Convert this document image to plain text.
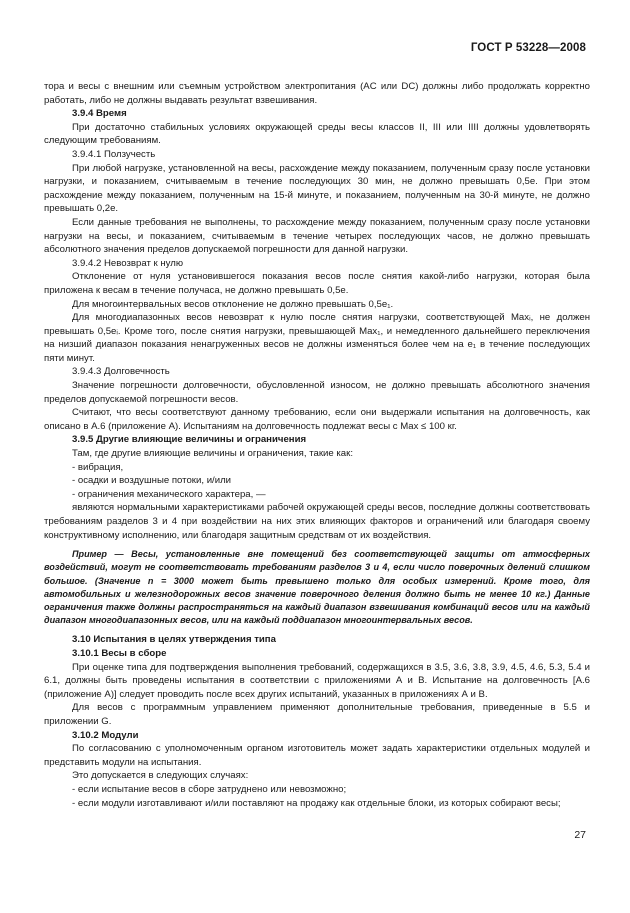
ГОСТ Р 53228—2008

тора и весы с внешним или съемным устройством электропитания (AC или DC) должны либо продолжать корректно работать, либо не должны выдавать результат взвешивания.

3.9.4 Время

При достаточно стабильных условиях окружающей среды весы классов II, III или IIII должны удовлетворять следующим требованиям.

3.9.4.1 Ползучесть

При любой нагрузке, установленной на весы, расхождение между показанием, полученным сразу после установки нагрузки, и показанием, считываемым в течение последующих 30 мин, не должно превышать 0,5e. При этом расхождение между показанием, полученным на 15-й минуте, и показанием, полученным на 30-й минуте, не должно превышать 0,2e.

Если данные требования не выполнены, то расхождение между показанием, полученным сразу после установки нагрузки на весы, и показанием, считываемым в течение четырех последующих часов, не должно превышать абсолютного значения пределов допускаемой погрешности для данной нагрузки.

3.9.4.2 Невозврат к нулю

Отклонение от нуля установившегося показания весов после снятия какой-либо нагрузки, которая была приложена к весам в течение получаса, не должно превышать 0,5e.

Для многоинтервальных весов отклонение не должно превышать 0,5e₁.

Для многодиапазонных весов невозврат к нулю после снятия нагрузки, соответствующей Maxᵢ, не должен превышать 0,5eᵢ. Кроме того, после снятия нагрузки, превышающей Max₁, и немедленного дальнейшего переключения на низший диапазон показания ненагруженных весов не должны изменяться более чем на e₁ в течение последующих пяти минут.

3.9.4.3 Долговечность

Значение погрешности долговечности, обусловленной износом, не должно превышать абсолютного значения пределов допускаемой погрешности весов.

Считают, что весы соответствуют данному требованию, если они выдержали испытания на долговечность, как описано в А.6 (приложение А). Испытаниям на долговечность подлежат весы с Max ≤ 100 кг.

3.9.5 Другие влияющие величины и ограничения

Там, где другие влияющие величины и ограничения, такие как:

- вибрация,

- осадки и воздушные потоки, и/или

- ограничения механического характера, —

являются нормальными характеристиками рабочей окружающей среды весов, последние должны соответствовать требованиям разделов 3 и 4 при воздействии на них этих влияющих факторов и ограничений или благодаря своему конструктивному исполнению, или благодаря защитным средствам от их воздействия.

Пример — Весы, установленные вне помещений без соответствующей защиты от атмосферных воздействий, могут не соответствовать требованиям разделов 3 и 4, если число поверочных делений слишком большое. (Значение n = 3000 может быть превышено только для особых измерений. Кроме того, для автомобильных и железнодорожных весов значение поверочного деления должно быть не менее 10 кг.) Данные ограничения также должны распространяться на каждый диапазон взвешивания комбинаций весов или на каждый диапазон многодиапазонных весов, или на каждый поддиапазон многоинтервальных весов.

3.10 Испытания в целях утверждения типа

3.10.1 Весы в сборе

При оценке типа для подтверждения выполнения требований, содержащихся в 3.5, 3.6, 3.8, 3.9, 4.5, 4.6, 5.3, 5.4 и 6.1, должны быть проведены испытания в соответствии с приложениями А и В. Испытание на долговечность [А.6 (приложение А)] следует проводить после всех других испытаний, указанных в приложениях А и В.

Для весов с программным управлением применяют дополнительные требования, приведенные в 5.5 и приложении G.

3.10.2 Модули

По согласованию с уполномоченным органом изготовитель может задать характеристики отдельных модулей и представить модули на испытания.

Это допускается в следующих случаях:

- если испытание весов в сборе затруднено или невозможно;

- если модули изготавливают и/или поставляют на продажу как отдельные блоки, из которых собирают весы;

27
